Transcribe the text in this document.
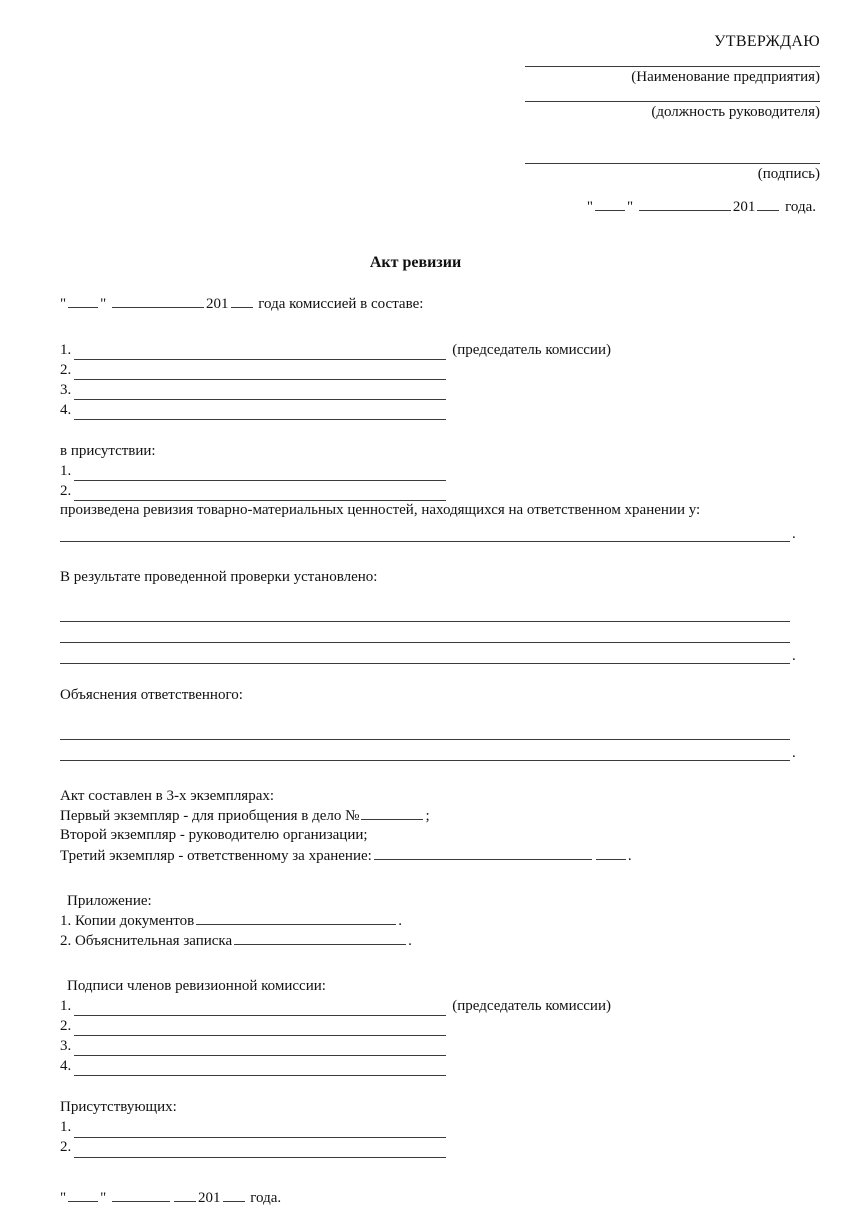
УТВЕРЖДАЮ
(Наименование предприятия)
(должность руководителя)
(подпись)
" "	201 года.
Акт ревизии
" "	201 года комиссией в составе:
1.	(председатель комиссии)
2.
3.
4.
в присутствии:
1.
2.
произведена ревизия товарно-материальных ценностей, находящихся на ответственном хранении у:
.
В результате проведенной проверки установлено:
.
Объяснения ответственного:
.
Акт составлен в 3-х экземплярах:
Первый экземпляр - для приобщения в дело №	;
Второй экземпляр - руководителю организации;
Третий экземпляр - ответственному за хранение:	.
Приложение:
1. Копии документов	.
2. Объяснительная записка	.
Подписи членов ревизионной комиссии:
1.	(председатель комиссии)
2.
3.
4.
Присутствующих:
1.
2.
" "	201 года.
